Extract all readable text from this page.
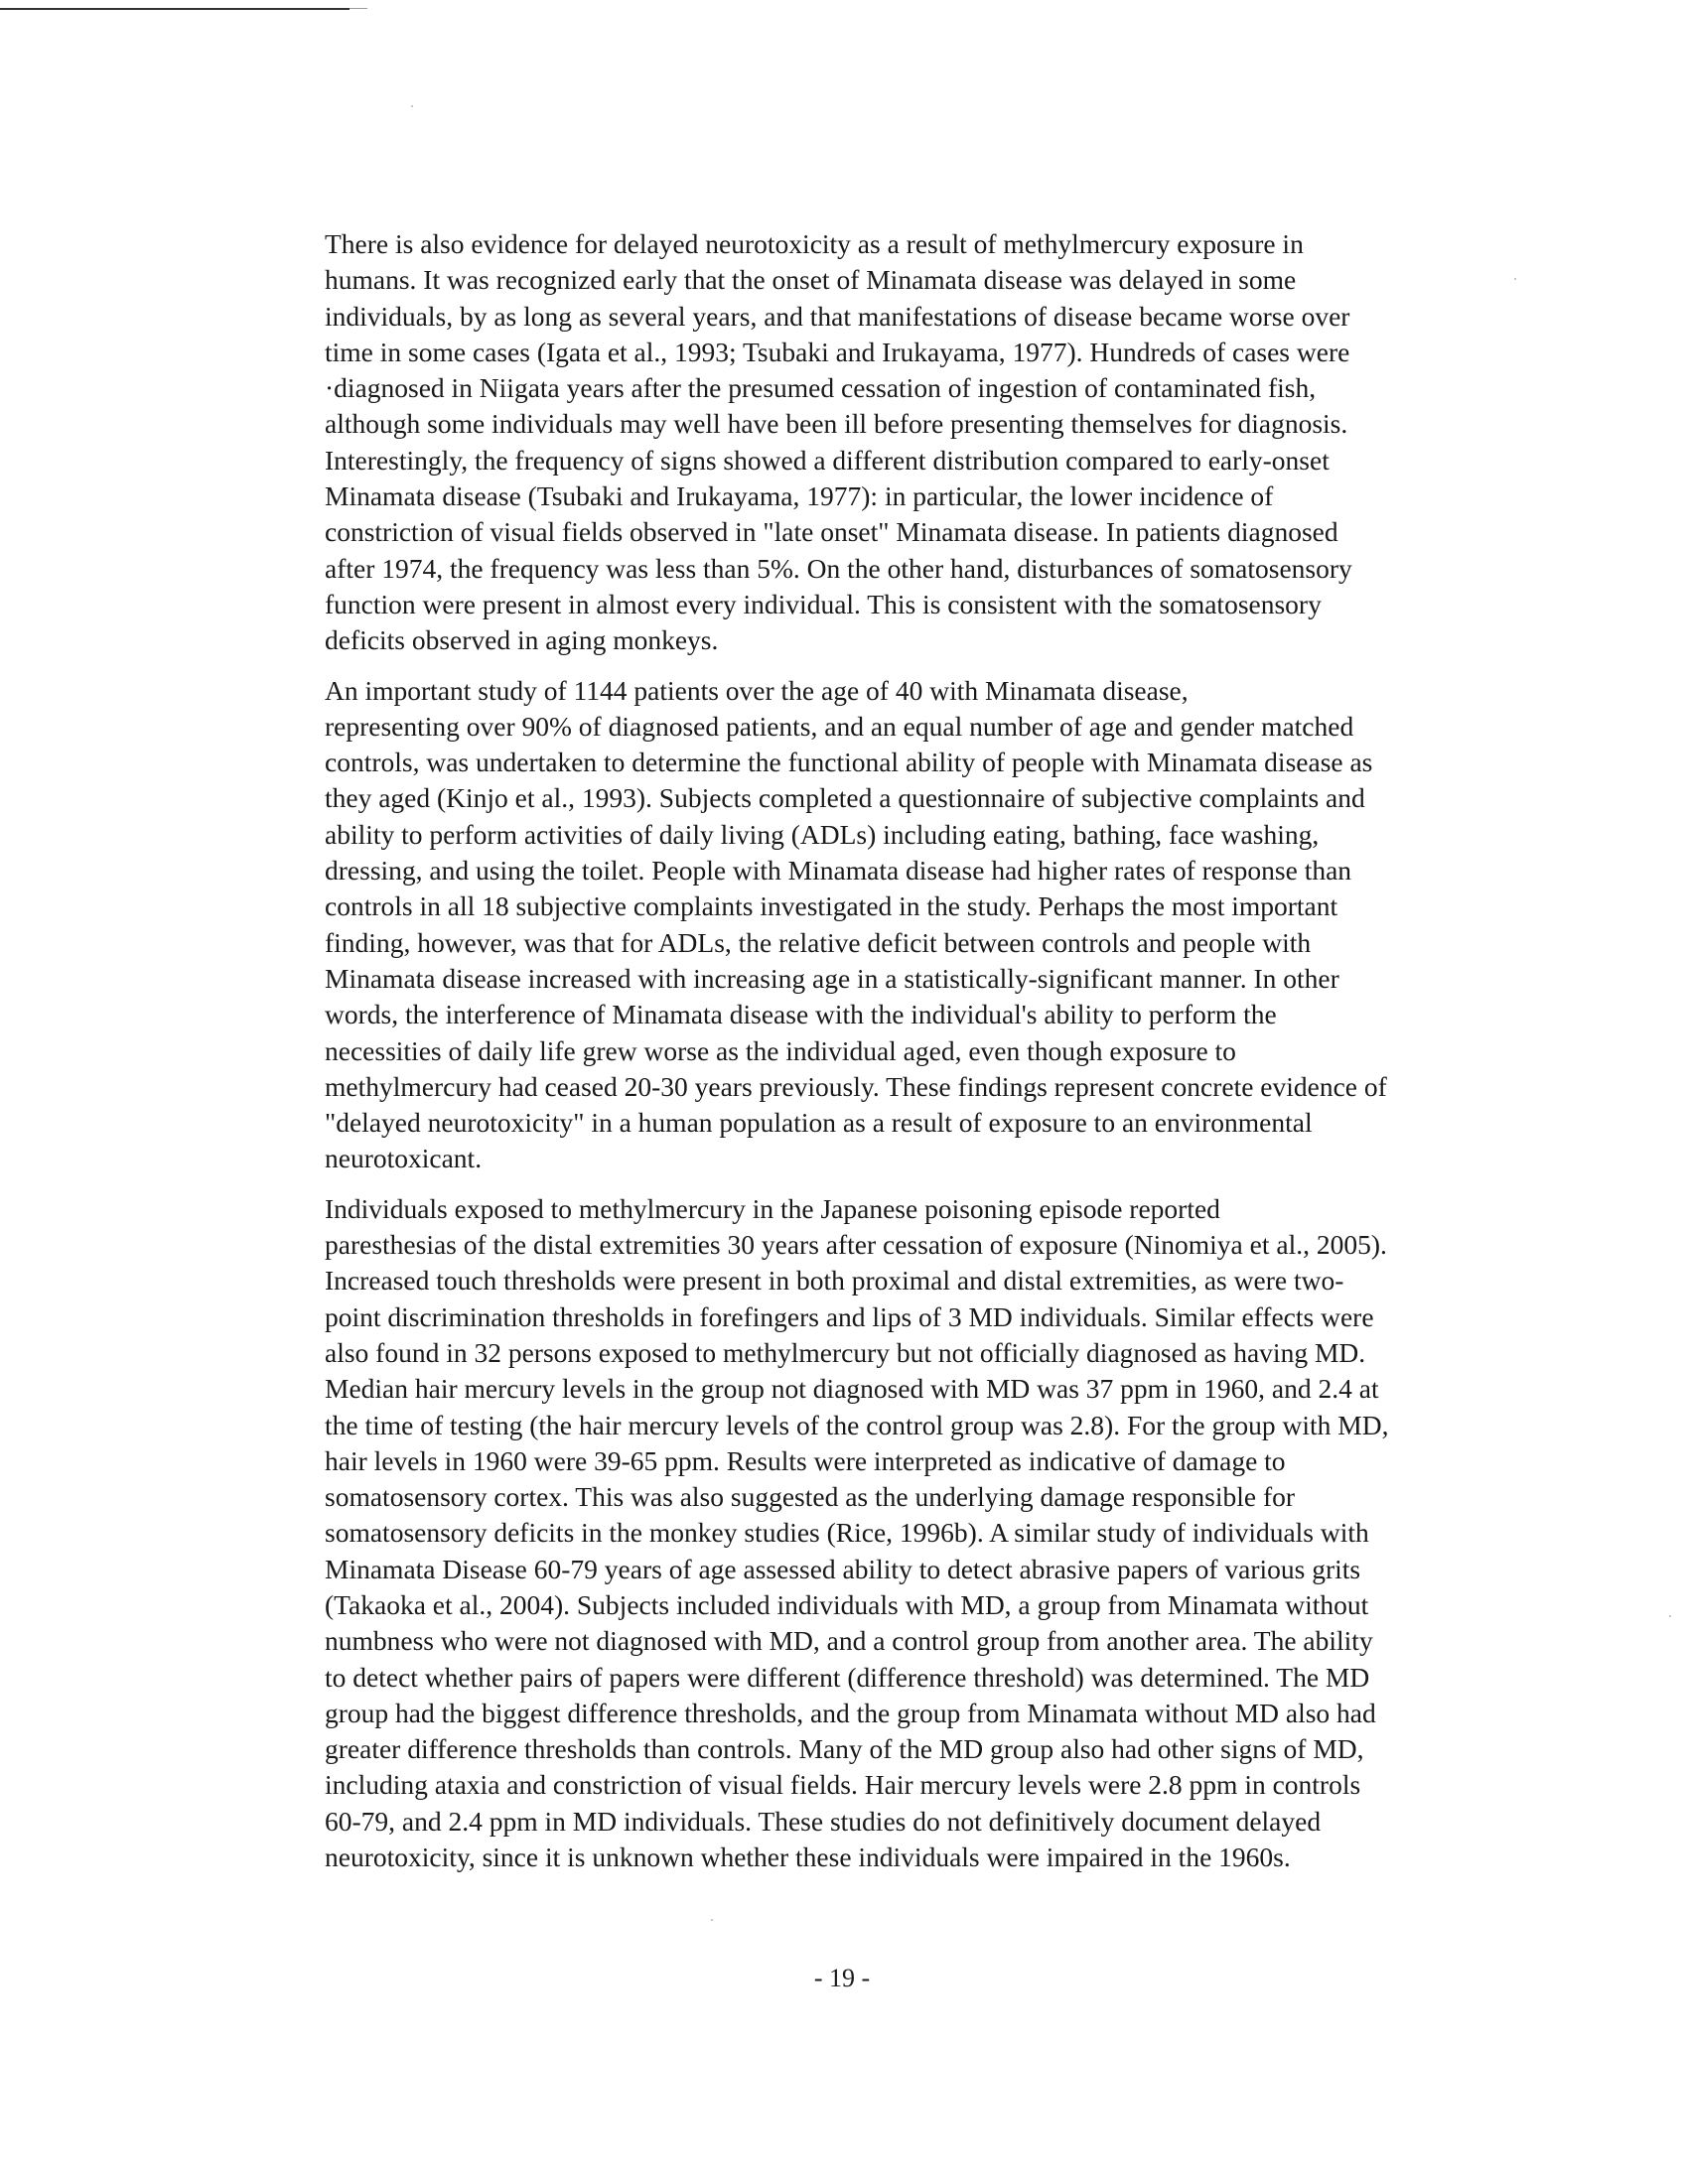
There is also evidence for delayed neurotoxicity as a result of methylmercury exposure in
humans. It was recognized early that the onset of Minamata disease was delayed in some
individuals, by as long as several years, and that manifestations of disease became worse over
time in some cases (Igata et al., 1993; Tsubaki and Irukayama, 1977). Hundreds of cases were
·diagnosed in Niigata years after the presumed cessation of ingestion of contaminated fish,
although some individuals may well have been ill before presenting themselves for diagnosis.
Interestingly, the frequency of signs showed a different distribution compared to early-onset
Minamata disease (Tsubaki and Irukayama, 1977): in particular, the lower incidence of
constriction of visual fields observed in "late onset" Minamata disease. In patients diagnosed
after 1974, the frequency was less than 5%. On the other hand, disturbances of somatosensory
function were present in almost every individual. This is consistent with the somatosensory
deficits observed in aging monkeys.

An important study of 1144 patients over the age of 40 with Minamata disease,
representing over 90% of diagnosed patients, and an equal number of age and gender matched
controls, was undertaken to determine the functional ability of people with Minamata disease as
they aged (Kinjo et al., 1993). Subjects completed a questionnaire of subjective complaints and
ability to perform activities of daily living (ADLs) including eating, bathing, face washing,
dressing, and using the toilet. People with Minamata disease had higher rates of response than
controls in all 18 subjective complaints investigated in the study. Perhaps the most important
finding, however, was that for ADLs, the relative deficit between controls and people with
Minamata disease increased with increasing age in a statistically-significant manner. In other
words, the interference of Minamata disease with the individual's ability to perform the
necessities of daily life grew worse as the individual aged, even though exposure to
methylmercury had ceased 20-30 years previously. These findings represent concrete evidence of
"delayed neurotoxicity" in a human population as a result of exposure to an environmental
neurotoxicant.

Individuals exposed to methylmercury in the Japanese poisoning episode reported
paresthesias of the distal extremities 30 years after cessation of exposure (Ninomiya et al., 2005).
Increased touch thresholds were present in both proximal and distal extremities, as were two-
point discrimination thresholds in forefingers and lips of 3 MD individuals. Similar effects were
also found in 32 persons exposed to methylmercury but not officially diagnosed as having MD.
Median hair mercury levels in the group not diagnosed with MD was 37 ppm in 1960, and 2.4 at
the time of testing (the hair mercury levels of the control group was 2.8). For the group with MD,
hair levels in 1960 were 39-65 ppm. Results were interpreted as indicative of damage to
somatosensory cortex. This was also suggested as the underlying damage responsible for
somatosensory deficits in the monkey studies (Rice, 1996b). A similar study of individuals with
Minamata Disease 60-79 years of age assessed ability to detect abrasive papers of various grits
(Takaoka et al., 2004). Subjects included individuals with MD, a group from Minamata without
numbness who were not diagnosed with MD, and a control group from another area. The ability
to detect whether pairs of papers were different (difference threshold) was determined. The MD
group had the biggest difference thresholds, and the group from Minamata without MD also had
greater difference thresholds than controls. Many of the MD group also had other signs of MD,
including ataxia and constriction of visual fields. Hair mercury levels were 2.8 ppm in controls
60-79, and 2.4 ppm in MD individuals. These studies do not definitively document delayed
neurotoxicity, since it is unknown whether these individuals were impaired in the 1960s.

- 19 -
